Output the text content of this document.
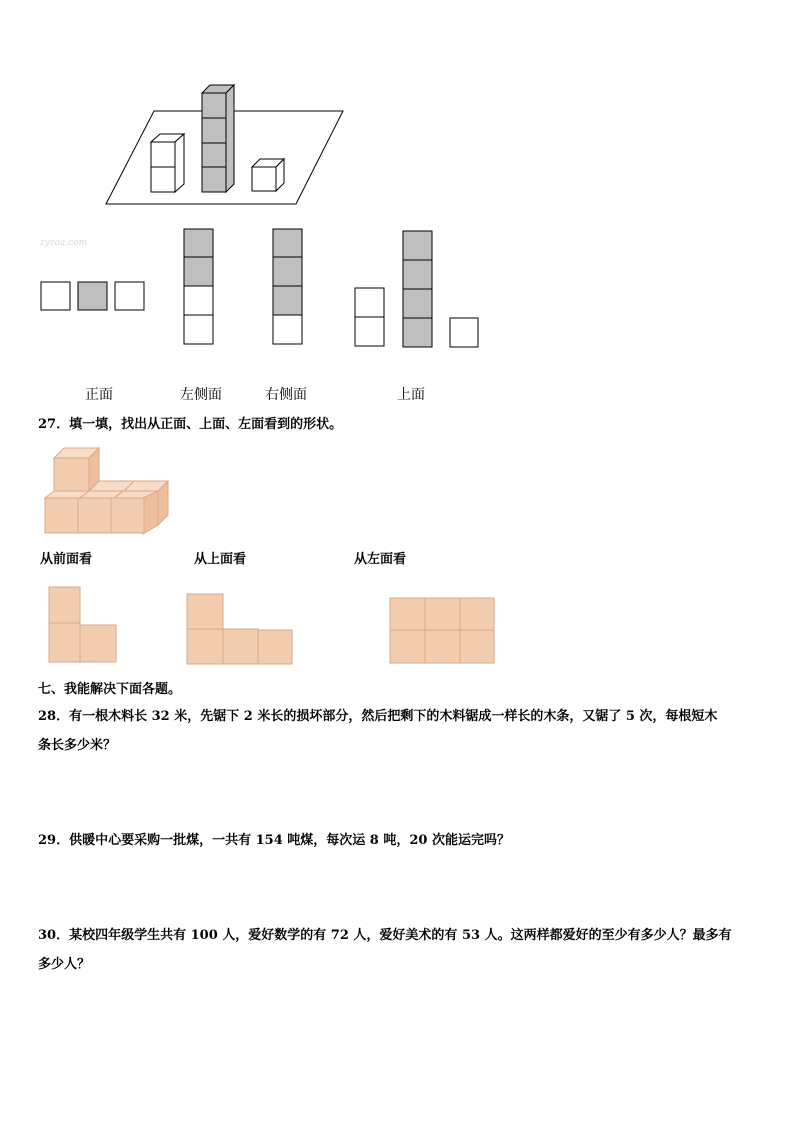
zyzaa.com
正面	左侧面	右侧面	上面
27．填一填，找出从正面、上面、左面看到的形状。
从前面看	从上面看	从左面看
七、我能解决下面各题。
28．有一根木料长 32 米，先锯下 2 米长的损坏部分，然后把剩下的木料锯成一样长的木条，又锯了 5 次，每根短木
条长多少米？
29．供暖中心要采购一批煤，一共有 154 吨煤，每次运 8 吨，20 次能运完吗？
30．某校四年级学生共有 100 人，爱好数学的有 72 人，爱好美术的有 53 人。这两样都爱好的至少有多少人？最多有
多少人？
